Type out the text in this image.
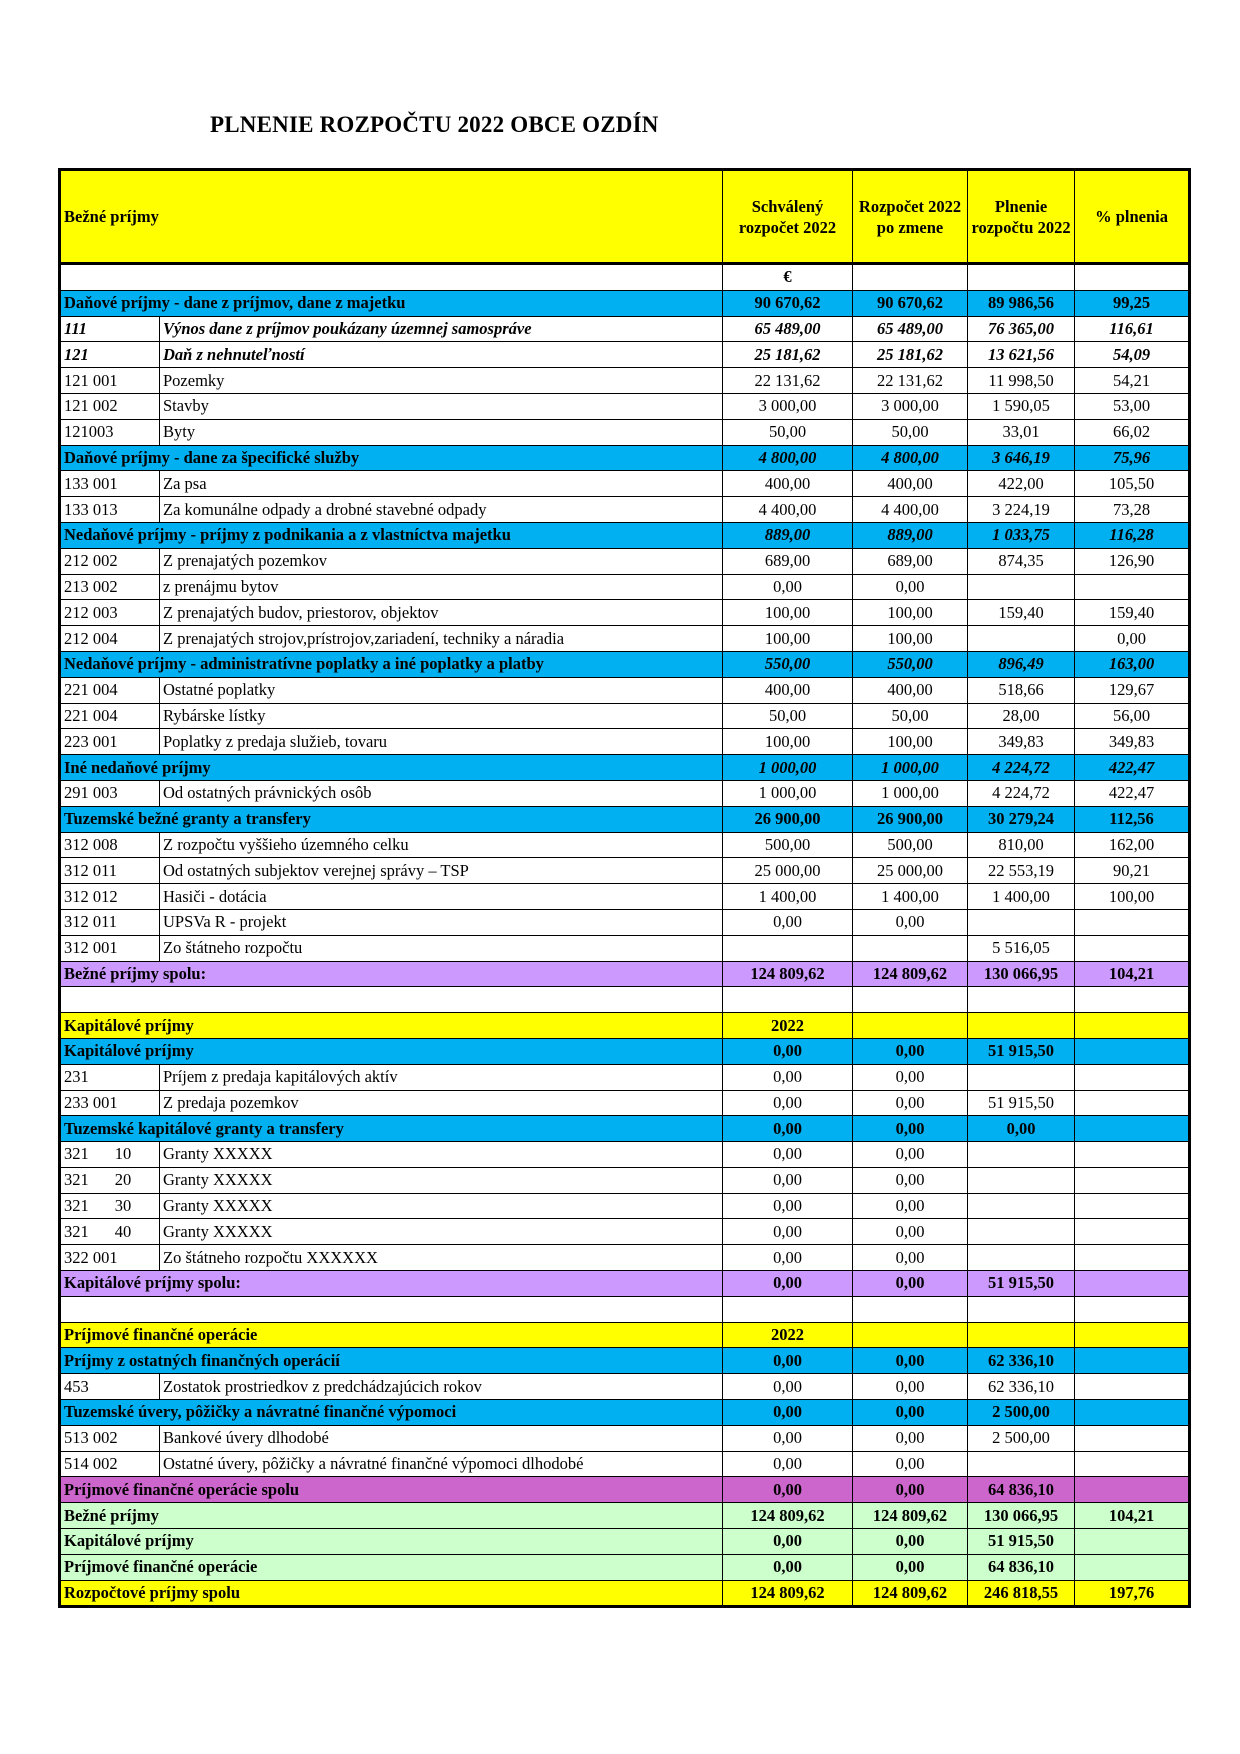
PLNENIE ROZPOČTU 2022 OBCE OZDÍN
Bežné príjmy		Schválený rozpočet 2022	Rozpočet 2022 po zmene	Plnenie rozpočtu 2022	% plnenia
		€			
Daňové príjmy - dane z príjmov, dane z majetku		90 670,62	90 670,62	89 986,56	99,25
111	Výnos dane z príjmov poukázany územnej samospráve	65 489,00	65 489,00	76 365,00	116,61
121	Daň z nehnuteľností	25 181,62	25 181,62	13 621,56	54,09
121 001	Pozemky	22 131,62	22 131,62	11 998,50	54,21
121 002	Stavby	3 000,00	3 000,00	1 590,05	53,00
121003	Byty	50,00	50,00	33,01	66,02
Daňové príjmy - dane za špecifické služby		4 800,00	4 800,00	3 646,19	75,96
133 001	Za psa	400,00	400,00	422,00	105,50
133 013	Za komunálne odpady a drobné stavebné odpady	4 400,00	4 400,00	3 224,19	73,28
Nedaňové príjmy - príjmy z podnikania a z vlastníctva majetku		889,00	889,00	1 033,75	116,28
212 002	Z prenajatých pozemkov	689,00	689,00	874,35	126,90
213 002	z prenájmu bytov	0,00	0,00		
212 003	Z prenajatých budov, priestorov, objektov	100,00	100,00	159,40	159,40
212 004	Z prenajatých strojov,prístrojov,zariadení, techniky a náradia	100,00	100,00		0,00
Nedaňové príjmy - administratívne poplatky a iné poplatky a platby		550,00	550,00	896,49	163,00
221 004	Ostatné poplatky	400,00	400,00	518,66	129,67
221 004	Rybárske lístky	50,00	50,00	28,00	56,00
223 001	Poplatky z predaja služieb, tovaru	100,00	100,00	349,83	349,83
Iné nedaňové príjmy		1 000,00	1 000,00	4 224,72	422,47
291 003	Od ostatných právnických osôb	1 000,00	1 000,00	4 224,72	422,47
Tuzemské bežné granty a transfery		26 900,00	26 900,00	30 279,24	112,56
312 008	Z rozpočtu vyššieho územného celku	500,00	500,00	810,00	162,00
312 011	Od ostatných subjektov verejnej správy – TSP	25 000,00	25 000,00	22 553,19	90,21
312 012	Hasiči - dotácia	1 400,00	1 400,00	1 400,00	100,00
312 011	UPSVa R - projekt	0,00	0,00		
312 001	Zo štátneho rozpočtu			5 516,05	
Bežné príjmy spolu:		124 809,62	124 809,62	130 066,95	104,21

Kapitálové príjmy		2022			
Kapitálové príjmy		0,00	0,00	51 915,50	
231	Príjem z predaja kapitálových aktív	0,00	0,00		
233 001	Z predaja pozemkov	0,00	0,00	51 915,50	
Tuzemské kapitálové granty a transfery		0,00	0,00	0,00	
321 10	Granty XXXXX	0,00	0,00		
321 20	Granty XXXXX	0,00	0,00		
321 30	Granty XXXXX	0,00	0,00		
321 40	Granty XXXXX	0,00	0,00		
322 001	Zo štátneho rozpočtu XXXXXX	0,00	0,00		
Kapitálové príjmy spolu:		0,00	0,00	51 915,50	

Príjmové finančné operácie		2022			
Príjmy z ostatných finančných operácií		0,00	0,00	62 336,10	
453	Zostatok prostriedkov z predchádzajúcich rokov	0,00	0,00	62 336,10	
Tuzemské úvery, pôžičky a návratné finančné výpomoci		0,00	0,00	2 500,00	
513 002	Bankové úvery dlhodobé	0,00	0,00	2 500,00	
514 002	Ostatné úvery, pôžičky a návratné finančné výpomoci dlhodobé	0,00	0,00		
Príjmové finančné operácie spolu		0,00	0,00	64 836,10	
Bežné príjmy		124 809,62	124 809,62	130 066,95	104,21
Kapitálové príjmy		0,00	0,00	51 915,50	
Príjmové finančné operácie		0,00	0,00	64 836,10	
Rozpočtové príjmy spolu		124 809,62	124 809,62	246 818,55	197,76
